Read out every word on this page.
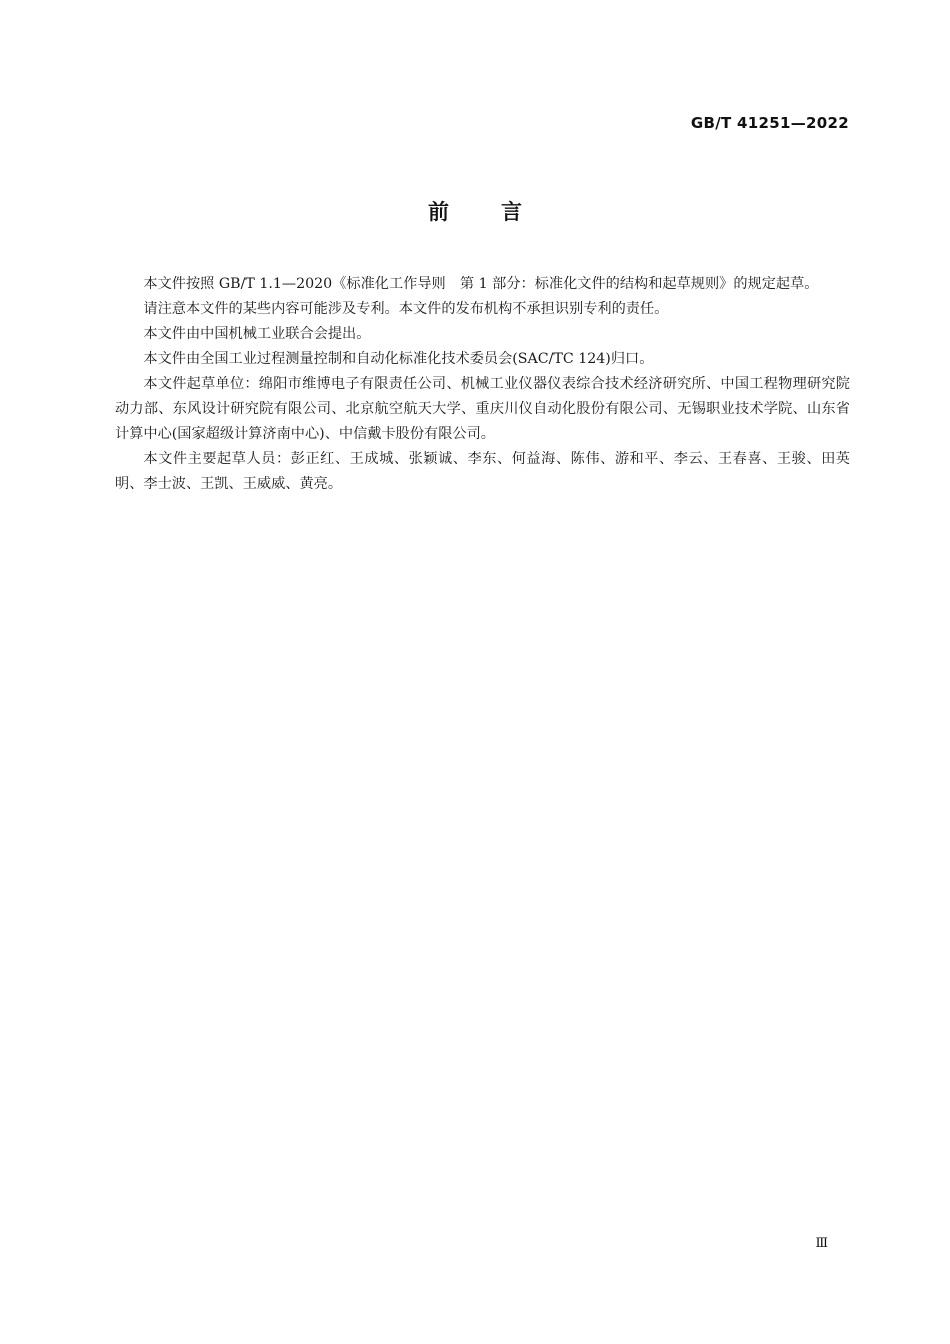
GB/T 41251—2022
前言

本文件按照 GB/T 1.1—2020《标准化工作导则　第 1 部分：标准化文件的结构和起草规则》的规定起草。

请注意本文件的某些内容可能涉及专利。本文件的发布机构不承担识别专利的责任。

本文件由中国机械工业联合会提出。

本文件由全国工业过程测量控制和自动化标准化技术委员会(SAC/TC 124)归口。

本文件起草单位：绵阳市维博电子有限责任公司、机械工业仪器仪表综合技术经济研究所、中国工程物理研究院动力部、东风设计研究院有限公司、北京航空航天大学、重庆川仪自动化股份有限公司、无锡职业技术学院、山东省计算中心(国家超级计算济南中心)、中信戴卡股份有限公司。

本文件主要起草人员：彭正红、王成城、张颖诚、李东、何益海、陈伟、游和平、李云、王春喜、王骏、田英明、李士波、王凯、王威威、黄亮。

Ⅲ
